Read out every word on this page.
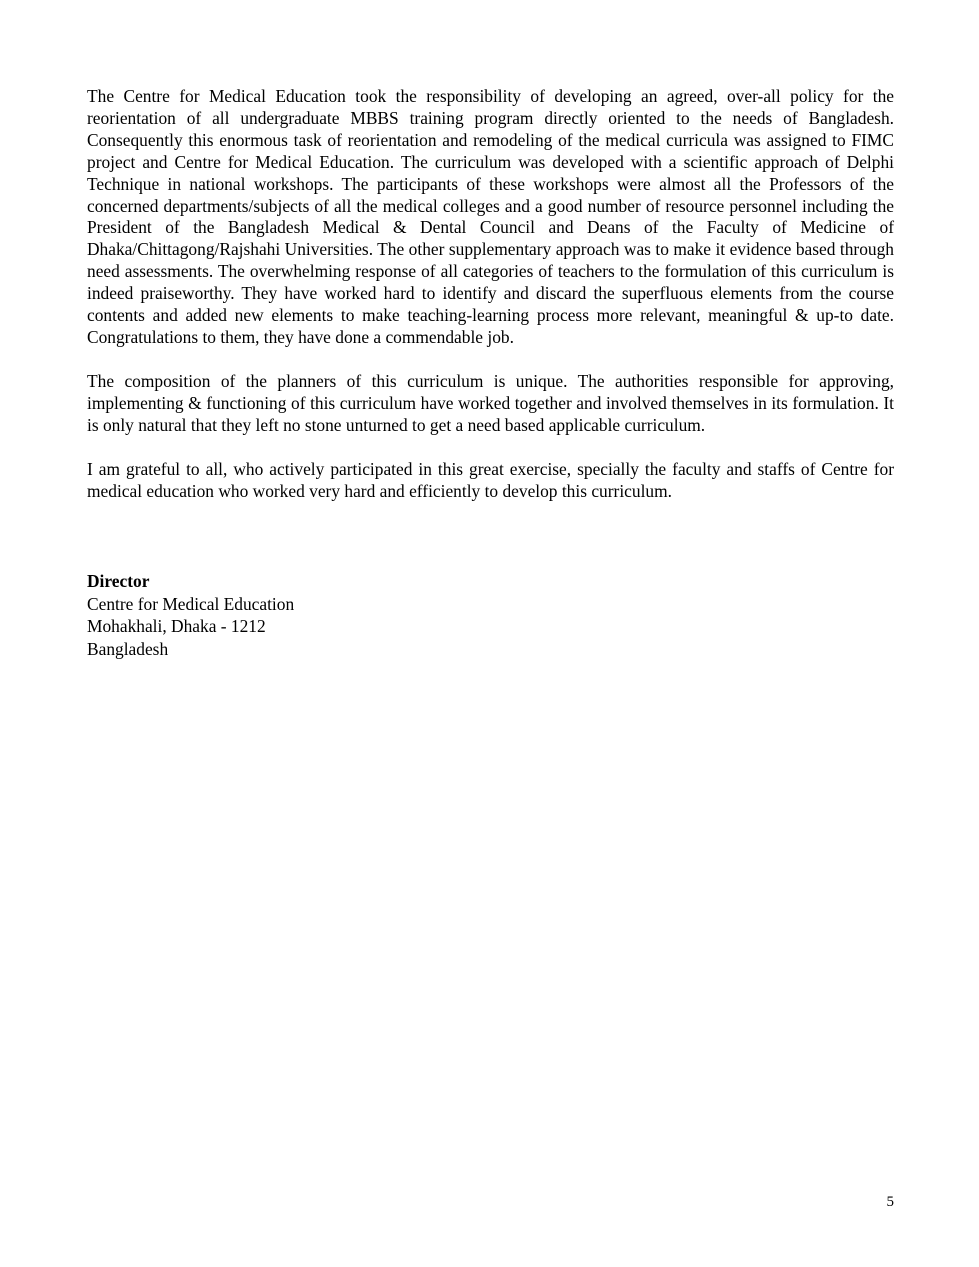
The Centre for Medical Education took the responsibility of developing an agreed, over-all policy for the reorientation of all undergraduate MBBS training program directly oriented to the needs of Bangladesh. Consequently this enormous task of reorientation and remodeling of the medical curricula was assigned to FIMC project and Centre for Medical Education. The curriculum was developed with a scientific approach of Delphi Technique in national workshops. The participants of these workshops were almost all the Professors of the concerned departments/subjects of all the medical colleges and a good number of resource personnel including the President of the Bangladesh Medical & Dental Council and Deans of the Faculty of Medicine of Dhaka/Chittagong/Rajshahi Universities. The other supplementary approach was to make it evidence based through need assessments. The overwhelming response of all categories of teachers to the formulation of this curriculum is indeed praiseworthy. They have worked hard to identify and discard the superfluous elements from the course contents and added new elements to make teaching-learning process more relevant, meaningful & up-to date. Congratulations to them, they have done a commendable job.

The composition of the planners of this curriculum is unique. The authorities responsible for approving, implementing & functioning of this curriculum have worked together and involved themselves in its formulation. It is only natural that they left no stone unturned to get a need based applicable curriculum.

I am grateful to all, who actively participated in this great exercise, specially the faculty and staffs of Centre for medical education who worked very hard and efficiently to develop this curriculum.

Director
Centre for Medical Education
Mohakhali, Dhaka - 1212
Bangladesh
5
